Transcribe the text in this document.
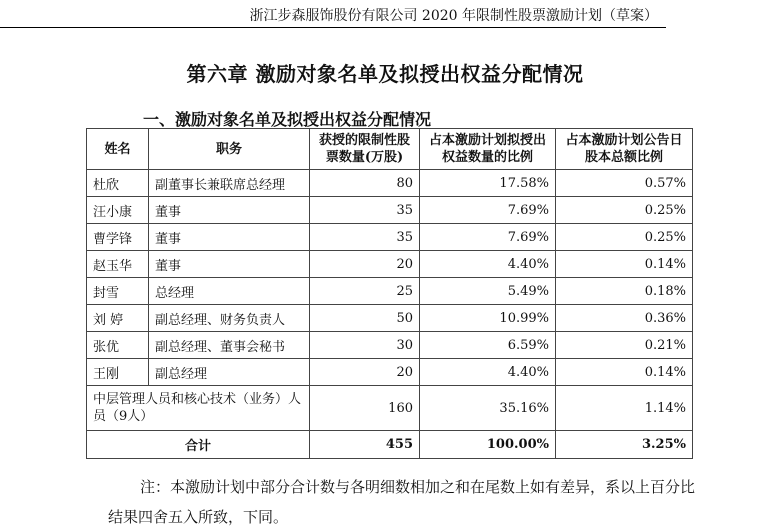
浙江步森服饰股份有限公司 2020 年限制性股票激励计划（草案）
第六章 激励对象名单及拟授出权益分配情况
一、激励对象名单及拟授出权益分配情况
姓名	职务	获授的限制性股票数量(万股)	占本激励计划拟授出权益数量的比例	占本激励计划公告日股本总额比例
杜欣	副董事长兼联席总经理	80	17.58%	0.57%
汪小康	董事	35	7.69%	0.25%
曹学锋	董事	35	7.69%	0.25%
赵玉华	董事	20	4.40%	0.14%
封雪	总经理	25	5.49%	0.18%
刘 婷	副总经理、财务负责人	50	10.99%	0.36%
张优	副总经理、董事会秘书	30	6.59%	0.21%
王刚	副总经理	20	4.40%	0.14%
中层管理人员和核心技术（业务）人员（9人）		160	35.16%	1.14%
合计		455	100.00%	3.25%
注：本激励计划中部分合计数与各明细数相加之和在尾数上如有差异，系以上百分比结果四舍五入所致，下同。
